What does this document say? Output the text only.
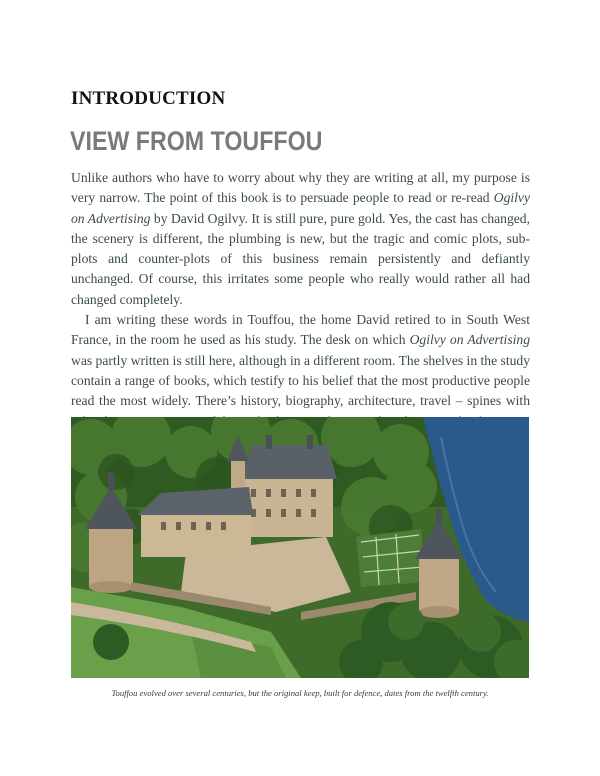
INTRODUCTION
VIEW FROM TOUFFOU

Unlike authors who have to worry about why they are writing at all, my purpose is very narrow. The point of this book is to persuade people to read or re-read Ogilvy on Advertising by David Ogilvy. It is still pure, pure gold. Yes, the cast has changed, the scenery is different, the plumbing is new, but the tragic and comic plots, sub-plots and counter-plots of this business remain persistently and defiantly unchanged. Of course, this irritates some people who really would rather all had changed completely.

I am writing these words in Touffou, the home David retired to in South West France, in the room he used as his study. The desk on which Ogilvy on Advertising was partly written is still here, although in a different room. The shelves in the study contain a range of books, which testify to his belief that the most productive people read the most widely. There’s history, biography, architecture, travel – spines with

Touffou evolved over several centuries, but the original keep, built for defence, dates from the twelfth century.
